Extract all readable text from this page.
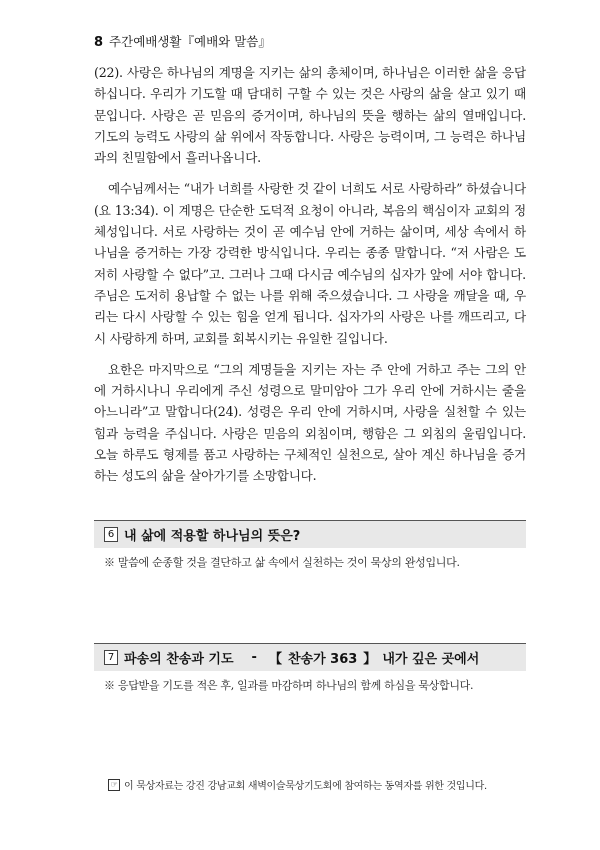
8 주간예배생활『예배와 말씀』

(22). 사랑은 하나님의 계명을 지키는 삶의 총체이며, 하나님은 이러한 삶을 응답하십니다. 우리가 기도할 때 담대히 구할 수 있는 것은 사랑의 삶을 살고 있기 때문입니다. 사랑은 곧 믿음의 증거이며, 하나님의 뜻을 행하는 삶의 열매입니다. 기도의 능력도 사랑의 삶 위에서 작동합니다. 사랑은 능력이며, 그 능력은 하나님과의 친밀함에서 흘러나옵니다.

예수님께서는 “내가 너희를 사랑한 것 같이 너희도 서로 사랑하라” 하셨습니다(요 13:34). 이 계명은 단순한 도덕적 요청이 아니라, 복음의 핵심이자 교회의 정체성입니다. 서로 사랑하는 것이 곧 예수님 안에 거하는 삶이며, 세상 속에서 하나님을 증거하는 가장 강력한 방식입니다. 우리는 종종 말합니다. “저 사람은 도저히 사랑할 수 없다”고. 그러나 그때 다시금 예수님의 십자가 앞에 서야 합니다. 주님은 도저히 용납할 수 없는 나를 위해 죽으셨습니다. 그 사랑을 깨달을 때, 우리는 다시 사랑할 수 있는 힘을 얻게 됩니다. 십자가의 사랑은 나를 깨뜨리고, 다시 사랑하게 하며, 교회를 회복시키는 유일한 길입니다.

요한은 마지막으로 “그의 계명들을 지키는 자는 주 안에 거하고 주는 그의 안에 거하시나니 우리에게 주신 성령으로 말미암아 그가 우리 안에 거하시는 줄을 아느니라”고 말합니다(24). 성령은 우리 안에 거하시며, 사랑을 실천할 수 있는 힘과 능력을 주십니다. 사랑은 믿음의 외침이며, 행함은 그 외침의 울림입니다. 오늘 하루도 형제를 품고 사랑하는 구체적인 실천으로, 살아 계신 하나님을 증거하는 성도의 삶을 살아가기를 소망합니다.

6 내 삶에 적용할 하나님의 뜻은?
※ 말씀에 순종할 것을 결단하고 삶 속에서 실천하는 것이 묵상의 완성입니다.
7 파송의 찬송과 기도 - 【 찬송가 363 】 내가 깊은 곳에서
※ 응답받을 기도를 적은 후, 일과를 마감하며 하나님의 함께 하심을 묵상합니다.
☞ 이 묵상자료는 강진 강남교회 새벽이슬묵상기도회에 참여하는 동역자를 위한 것입니다.
